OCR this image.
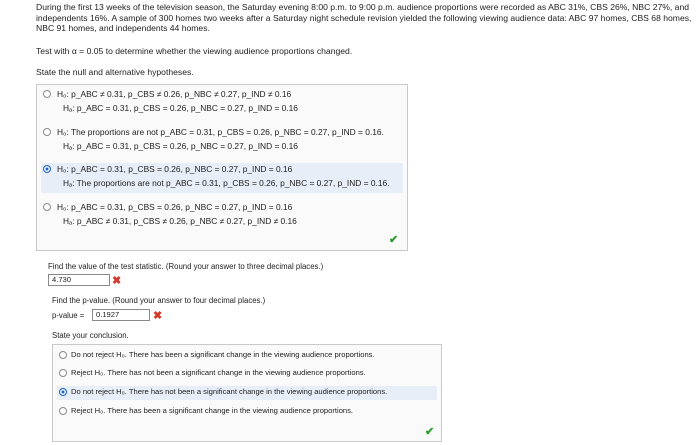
During the first 13 weeks of the television season, the Saturday evening 8:00 p.m. to 9:00 p.m. audience proportions were recorded as ABC 31%, CBS 26%, NBC 27%, and independents 16%. A sample of 300 homes two weeks after a Saturday night schedule revision yielded the following viewing audience data: ABC 97 homes, CBS 68 homes, NBC 91 homes, and independents 44 homes.
Test with α = 0.05 to determine whether the viewing audience proportions changed.
State the null and alternative hypotheses.
H₀: p_ABC ≠ 0.31, p_CBS ≠ 0.26, p_NBC ≠ 0.27, p_IND ≠ 0.16
Hₐ: p_ABC = 0.31, p_CBS = 0.26, p_NBC = 0.27, p_IND = 0.16
H₀: The proportions are not p_ABC = 0.31, p_CBS = 0.26, p_NBC = 0.27, p_IND = 0.16.
Hₐ: p_ABC = 0.31, p_CBS = 0.26, p_NBC = 0.27, p_IND = 0.16
H₀: p_ABC = 0.31, p_CBS = 0.26, p_NBC = 0.27, p_IND = 0.16
Hₐ: The proportions are not p_ABC = 0.31, p_CBS = 0.26, p_NBC = 0.27, p_IND = 0.16.
H₀: p_ABC = 0.31, p_CBS = 0.26, p_NBC = 0.27, p_IND = 0.16
Hₐ: p_ABC ≠ 0.31, p_CBS ≠ 0.26, p_NBC ≠ 0.27, p_IND ≠ 0.16
✔
Find the value of the test statistic. (Round your answer to three decimal places.)
4.730	✖
Find the p-value. (Round your answer to four decimal places.)
p-value =	0.1927	✖
State your conclusion.
Do not reject H₀. There has been a significant change in the viewing audience proportions.
Reject H₀. There has not been a significant change in the viewing audience proportions.
Do not reject H₀. There has not been a significant change in the viewing audience proportions.
Reject H₀. There has been a significant change in the viewing audience proportions.
✔
